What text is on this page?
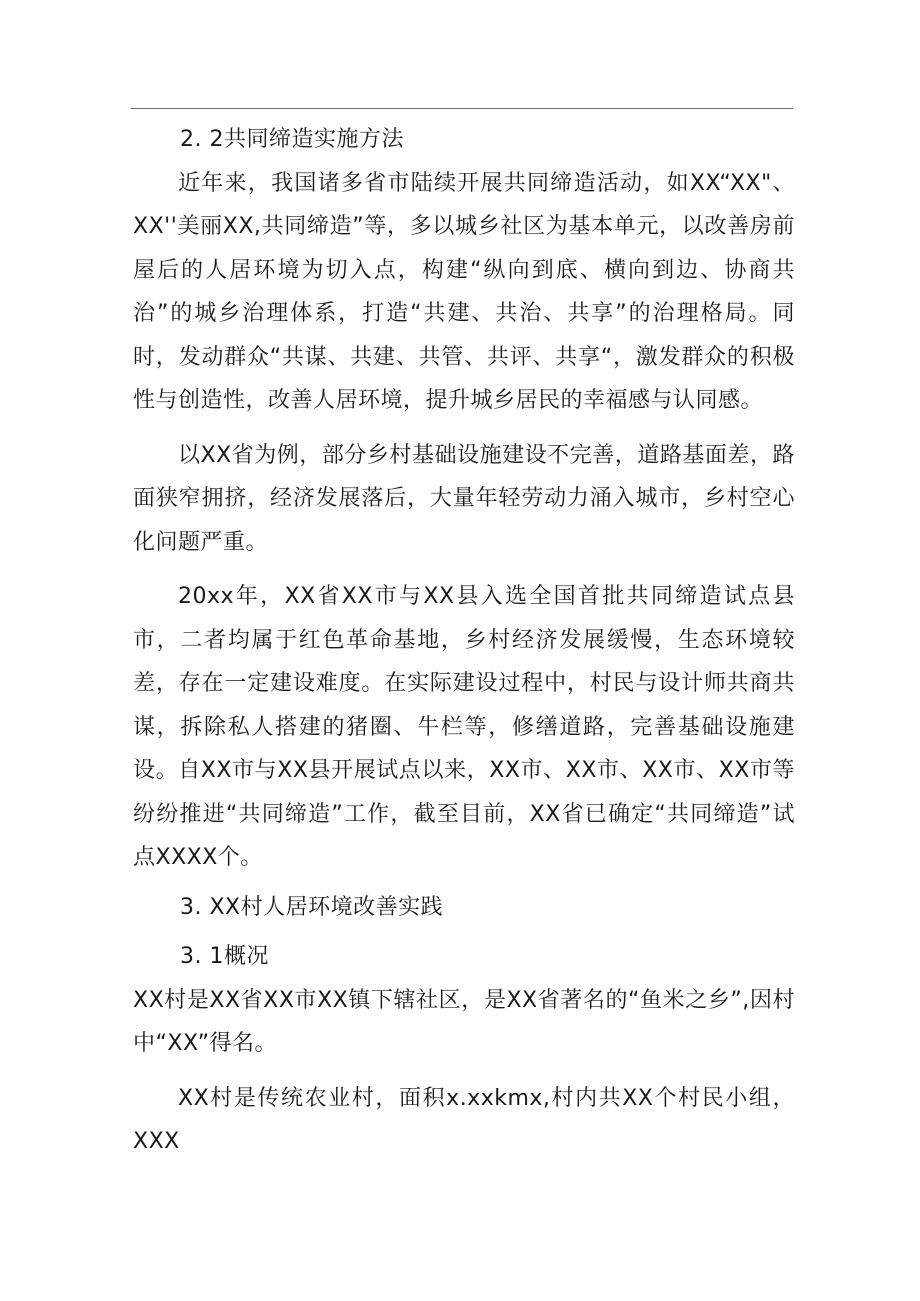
2. 2共同缔造实施方法

近年来，我国诸多省市陆续开展共同缔造活动，如XX“XX"、XX''美丽XX,共同缔造”等，多以城乡社区为基本单元，以改善房前屋后的人居环境为切入点，构建“纵向到底、横向到边、协商共治”的城乡治理体系，打造“共建、共治、共享”的治理格局。同时，发动群众“共谋、共建、共管、共评、共享“，激发群众的积极性与创造性，改善人居环境，提升城乡居民的幸福感与认同感。

以XX省为例，部分乡村基础设施建设不完善，道路基面差，路面狭窄拥挤，经济发展落后，大量年轻劳动力涌入城市，乡村空心化问题严重。

20xx年，XX省XX市与XX县入选全国首批共同缔造试点县市，二者均属于红色革命基地，乡村经济发展缓慢，生态环境较差，存在一定建设难度。在实际建设过程中，村民与设计师共商共谋，拆除私人搭建的猪圈、牛栏等，修缮道路，完善基础设施建设。自XX市与XX县开展试点以来，XX市、XX市、XX市、XX市等纷纷推进“共同缔造”工作，截至目前，XX省已确定“共同缔造”试点XXXX个。

3. XX村人居环境改善实践

3. 1概况

XX村是XX省XX市XX镇下辖社区，是XX省著名的“鱼米之乡”,因村中“XX”得名。

XX村是传统农业村，面积x.xxkmx,村内共XX个村民小组，XXX
